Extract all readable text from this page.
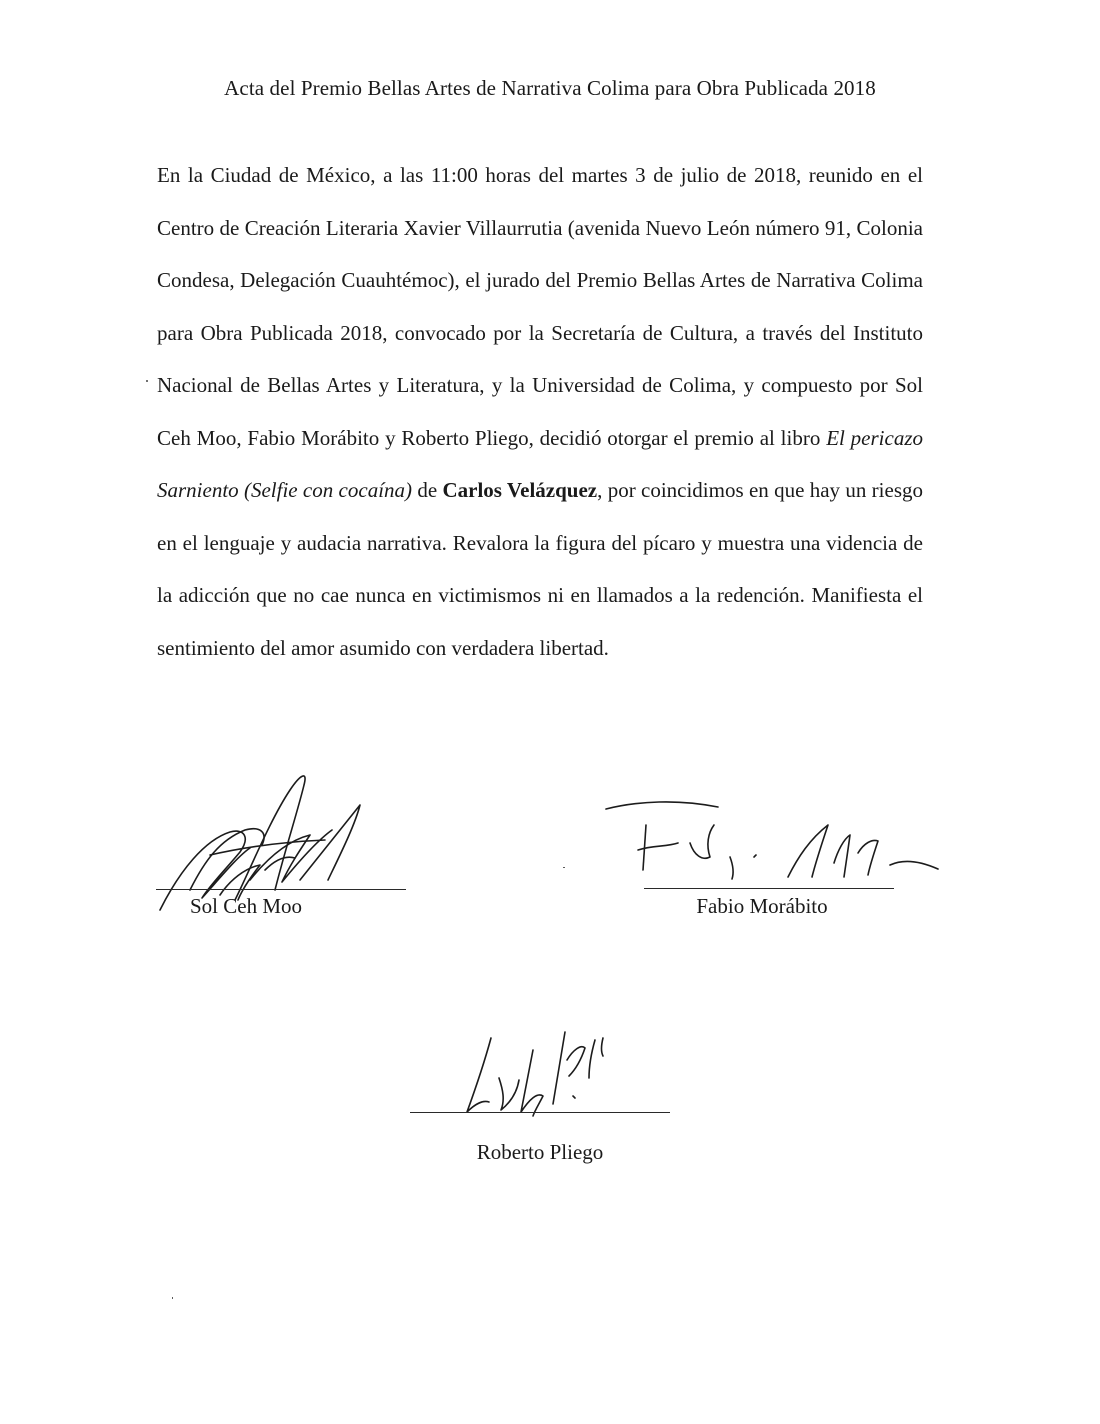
Acta del Premio Bellas Artes de Narrativa Colima para Obra Publicada 2018
En la Ciudad de México, a las 11:00 horas del martes 3 de julio de 2018, reunido en el Centro de Creación Literaria Xavier Villaurrutia (avenida Nuevo León número 91, Colonia Condesa, Delegación Cuauhtémoc), el jurado del Premio Bellas Artes de Narrativa Colima para Obra Publicada 2018, convocado por la Secretaría de Cultura, a través del Instituto Nacional de Bellas Artes y Literatura, y la Universidad de Colima, y compuesto por Sol Ceh Moo, Fabio Morábito y Roberto Pliego, decidió otorgar el premio al libro El pericazo Sarniento (Selfie con cocaína) de Carlos Velázquez, por coincidimos en que hay un riesgo en el lenguaje y audacia narrativa. Revalora la figura del pícaro y muestra una videncia de la adicción que no cae nunca en victimismos ni en llamados a la redención. Manifiesta el sentimiento del amor asumido con verdadera libertad.
Sol Ceh Moo	Fabio Morábito
Roberto Pliego
